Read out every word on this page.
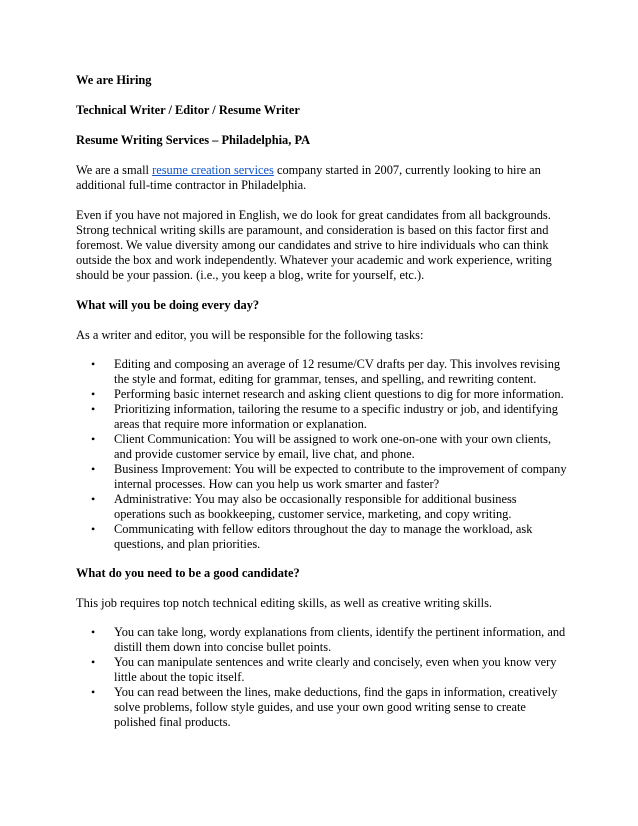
We are Hiring
Technical Writer / Editor / Resume Writer
Resume Writing Services – Philadelphia, PA

We are a small resume creation services company started in 2007, currently looking to hire an additional full-time contractor in Philadelphia.

Even if you have not majored in English, we do look for great candidates from all backgrounds. Strong technical writing skills are paramount, and consideration is based on this factor first and foremost. We value diversity among our candidates and strive to hire individuals who can think outside the box and work independently. Whatever your academic and work experience, writing should be your passion. (i.e., you keep a blog, write for yourself, etc.).

What will you be doing every day?

As a writer and editor, you will be responsible for the following tasks:

• Editing and composing an average of 12 resume/CV drafts per day. This involves revising the style and format, editing for grammar, tenses, and spelling, and rewriting content.
• Performing basic internet research and asking client questions to dig for more information.
• Prioritizing information, tailoring the resume to a specific industry or job, and identifying areas that require more information or explanation.
• Client Communication: You will be assigned to work one-on-one with your own clients, and provide customer service by email, live chat, and phone.
• Business Improvement: You will be expected to contribute to the improvement of company internal processes. How can you help us work smarter and faster?
• Administrative: You may also be occasionally responsible for additional business operations such as bookkeeping, customer service, marketing, and copy writing.
• Communicating with fellow editors throughout the day to manage the workload, ask questions, and plan priorities.
What do you need to be a good candidate?

This job requires top notch technical editing skills, as well as creative writing skills.

• You can take long, wordy explanations from clients, identify the pertinent information, and distill them down into concise bullet points.
• You can manipulate sentences and write clearly and concisely, even when you know very little about the topic itself.
• You can read between the lines, make deductions, find the gaps in information, creatively solve problems, follow style guides, and use your own good writing sense to create polished final products.
